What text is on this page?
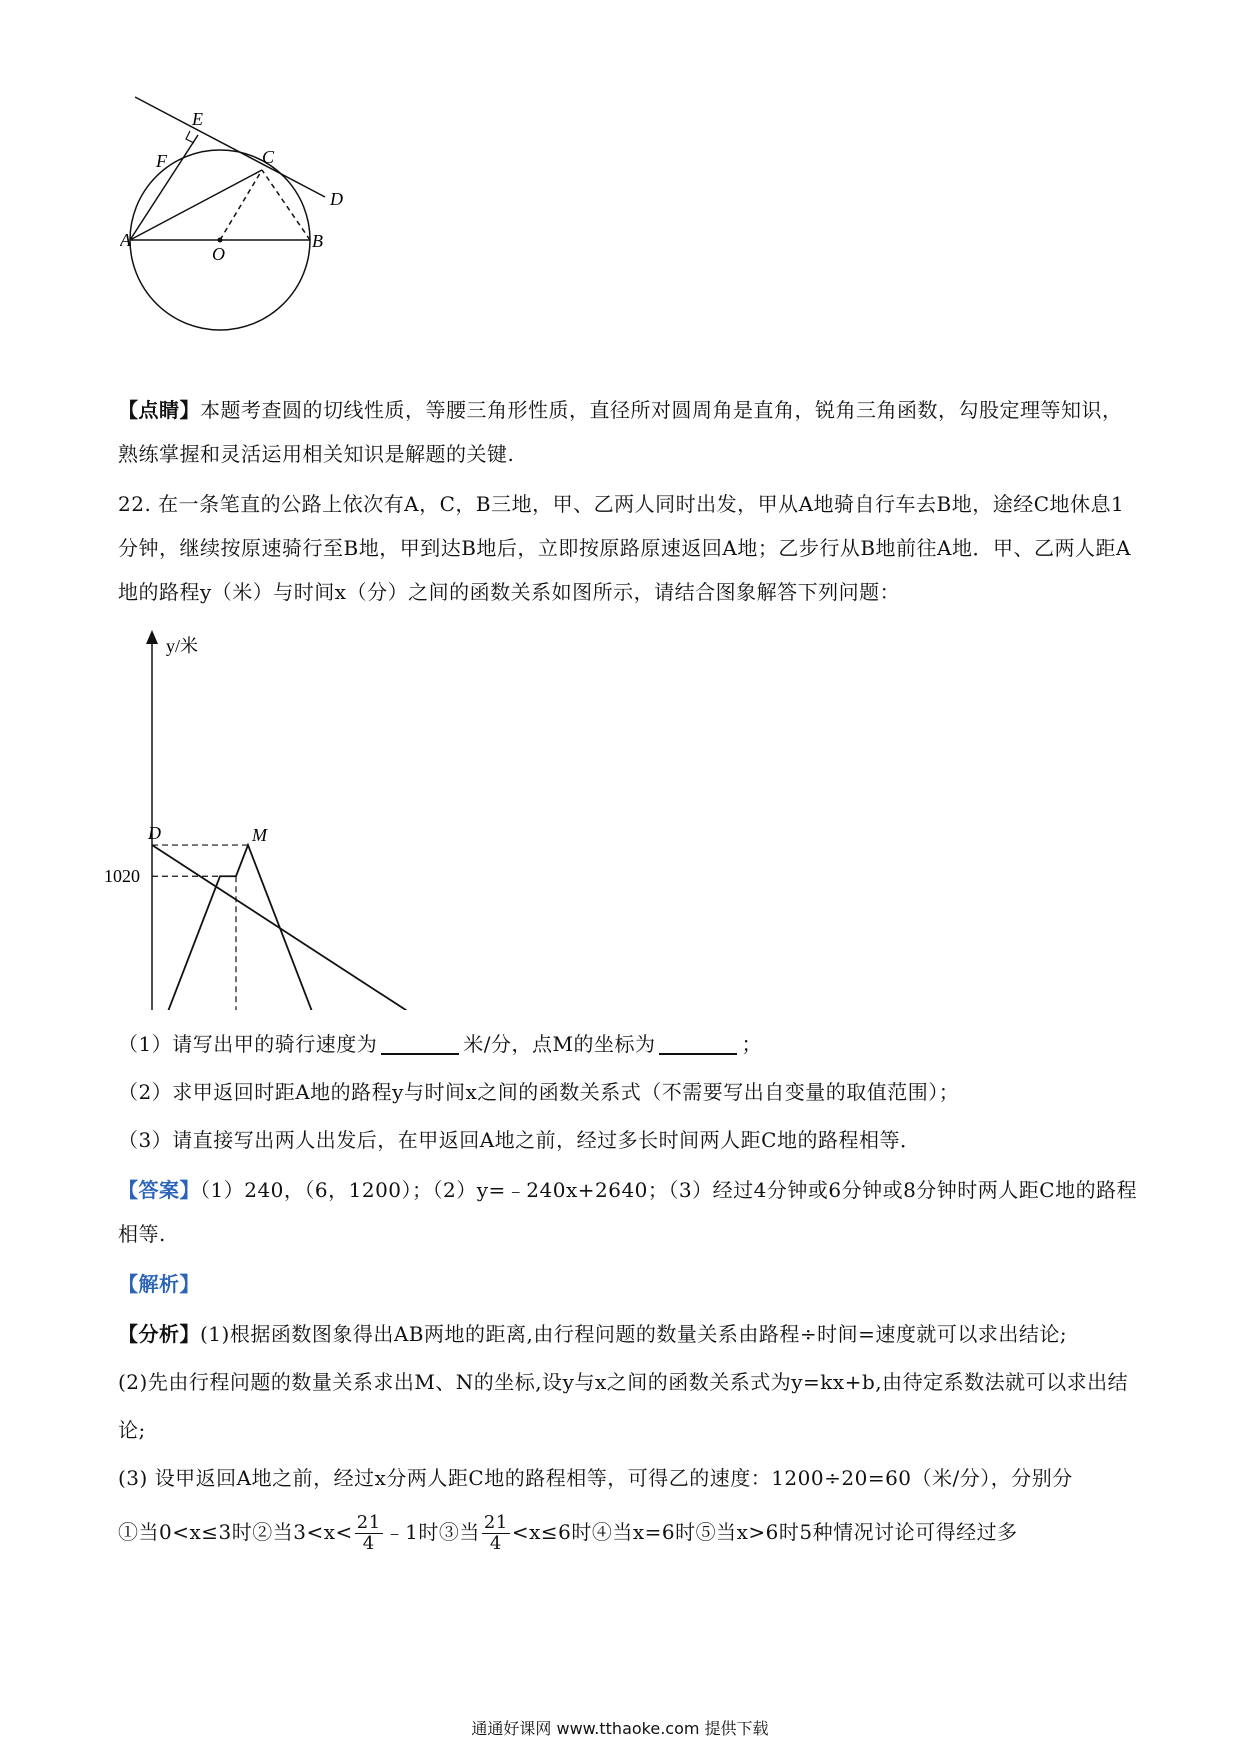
E
F	C
D
A
O
B
【点睛】本题考查圆的切线性质，等腰三角形性质，直径所对圆周角是直角，锐角三角函数，勾股定理等知识，熟练掌握和灵活运用相关知识是解题的关键.
22. 在一条笔直的公路上依次有A，C，B三地，甲、乙两人同时出发，甲从A地骑自行车去B地，途经C地休息1分钟，继续按原速骑行至B地，甲到达B地后，立即按原路原速返回A地；乙步行从B地前往A地．甲、乙两人距A地的路程y（米）与时间x（分）之间的函数关系如图所示，请结合图象解答下列问题：
y/米
1020
D	M
（1）请写出甲的骑行速度为	米/分，点M的坐标为	；
（2）求甲返回时距A地的路程y与时间x之间的函数关系式（不需要写出自变量的取值范围）；
（3）请直接写出两人出发后，在甲返回A地之前，经过多长时间两人距C地的路程相等．
【答案】（1）240，（6，1200）；（2）y=﹣240x+2640；（3）经过4分钟或6分钟或8分钟时两人距C地的路程相等.
【解析】
【分析】(1)根据函数图象得出AB两地的距离,由行程问题的数量关系由路程÷时间=速度就可以求出结论;
(2)先由行程问题的数量关系求出M、N的坐标,设y与x之间的函数关系式为y=kx+b,由待定系数法就可以求出结论;
(3) 设甲返回A地之前，经过x分两人距C地的路程相等，可得乙的速度：1200÷20=60（米/分），分别分
①当0<x≤3时②当$3<x< \frac{21}{4}$ ﹣1时③当 $\frac{21}{4} <x\le 6$时④当x=6时⑤当x>6时5种情况讨论可得经过多
通通好课网 www.tthaoke.com 提供下载
